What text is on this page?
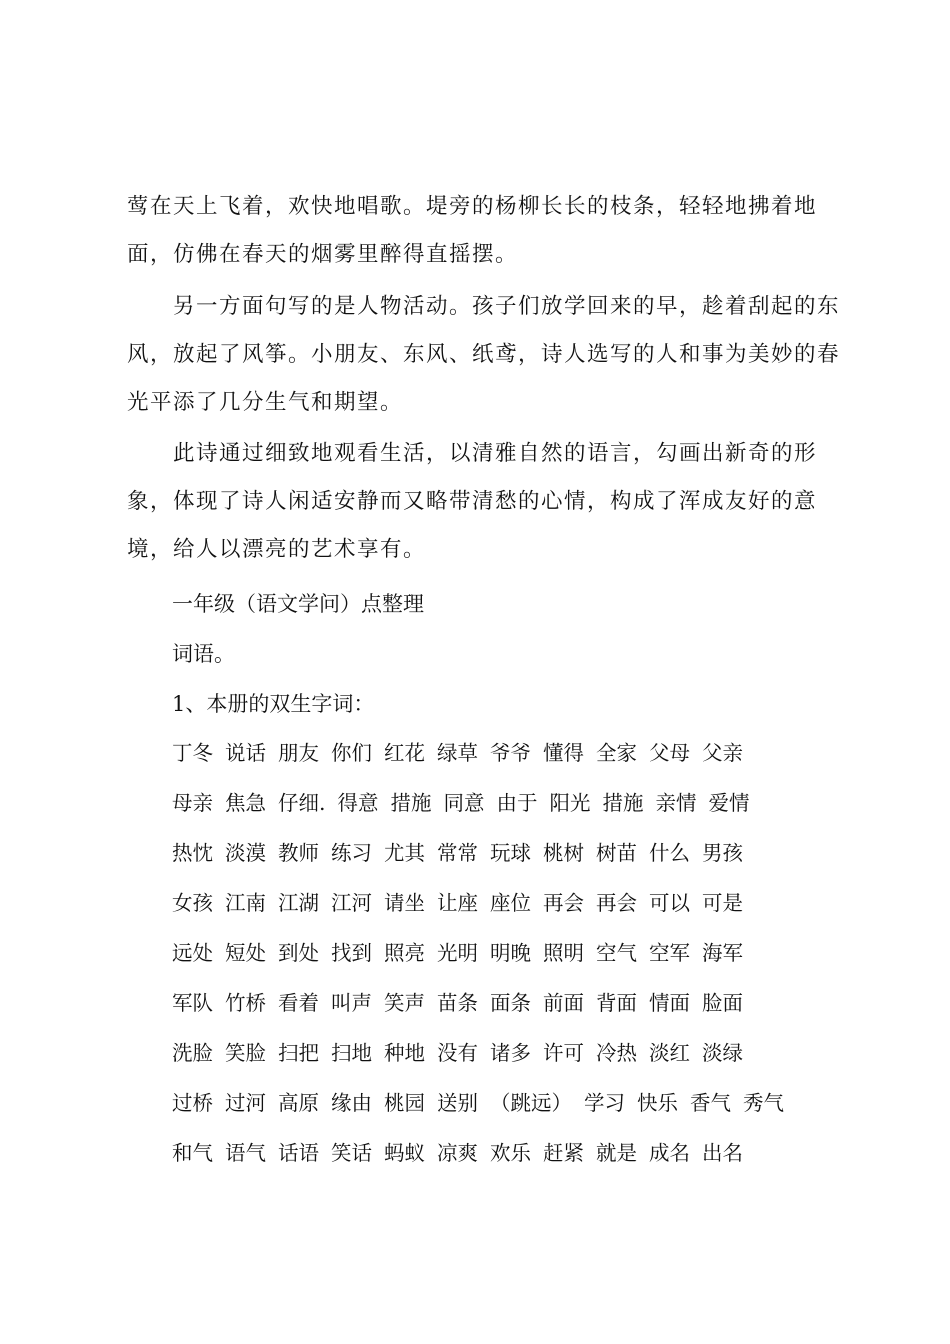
莺在天上飞着，欢快地唱歌。堤旁的杨柳长长的枝条，轻轻地拂着地
面，仿佛在春天的烟雾里醉得直摇摆。
　　另一方面句写的是人物活动。孩子们放学回来的早，趁着刮起的东
风，放起了风筝。小朋友、东风、纸鸢，诗人选写的人和事为美妙的春
光平添了几分生气和期望。
　　此诗通过细致地观看生活，以清雅自然的语言，勾画出新奇的形
象，体现了诗人闲适安静而又略带清愁的心情，构成了浑成友好的意
境，给人以漂亮的艺术享有。
一年级（语文学问）点整理
词语。
1、本册的双生字词：
丁冬 说话 朋友 你们 红花 绿草 爷爷 懂得 全家 父母 父亲
母亲 焦急 仔细. 得意 措施 同意 由于 阳光 措施 亲情 爱情
热忱 淡漠 教师 练习 尤其 常常 玩球 桃树 树苗 什么 男孩
女孩 江南 江湖 江河 请坐 让座 座位 再会 再会 可以 可是
远处 短处 到处 找到 照亮 光明 明晚 照明 空气 空军 海军
军队 竹桥 看着 叫声 笑声 苗条 面条 前面 背面 情面 脸面
洗脸 笑脸 扫把 扫地 种地 没有 诸多 许可 冷热 淡红 淡绿
过桥 过河 高原 缘由 桃园 送别 （跳远） 学习 快乐 香气 秀气
和气 语气 话语 笑话 蚂蚁 凉爽 欢乐 赶紧 就是 成名 出名
